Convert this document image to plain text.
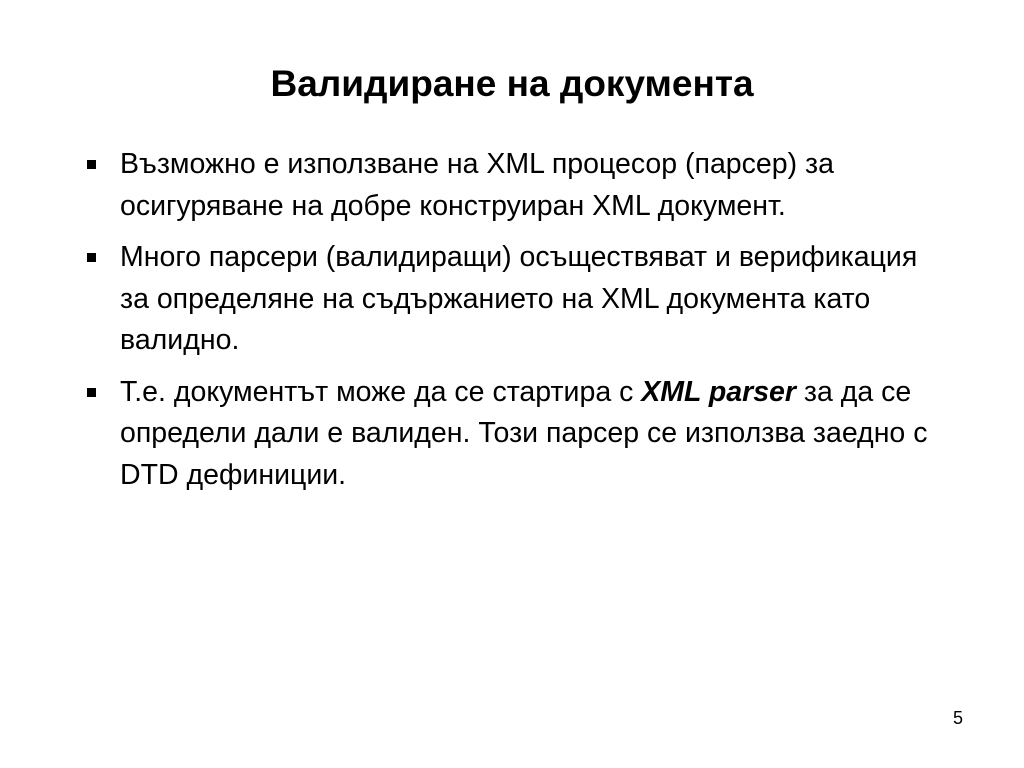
Валидиране на документа
Възможно е използване на XML процесор (парсер) за осигуряване на добре конструиран XML документ.
Много парсери (валидиращи) осъществяват и верификация за определяне на съдържанието на XML документа като валидно.
Т.е. документът може да се стартира с XML parser за да се определи дали е валиден. Този парсер се използва заедно с DTD дефиниции.
5
